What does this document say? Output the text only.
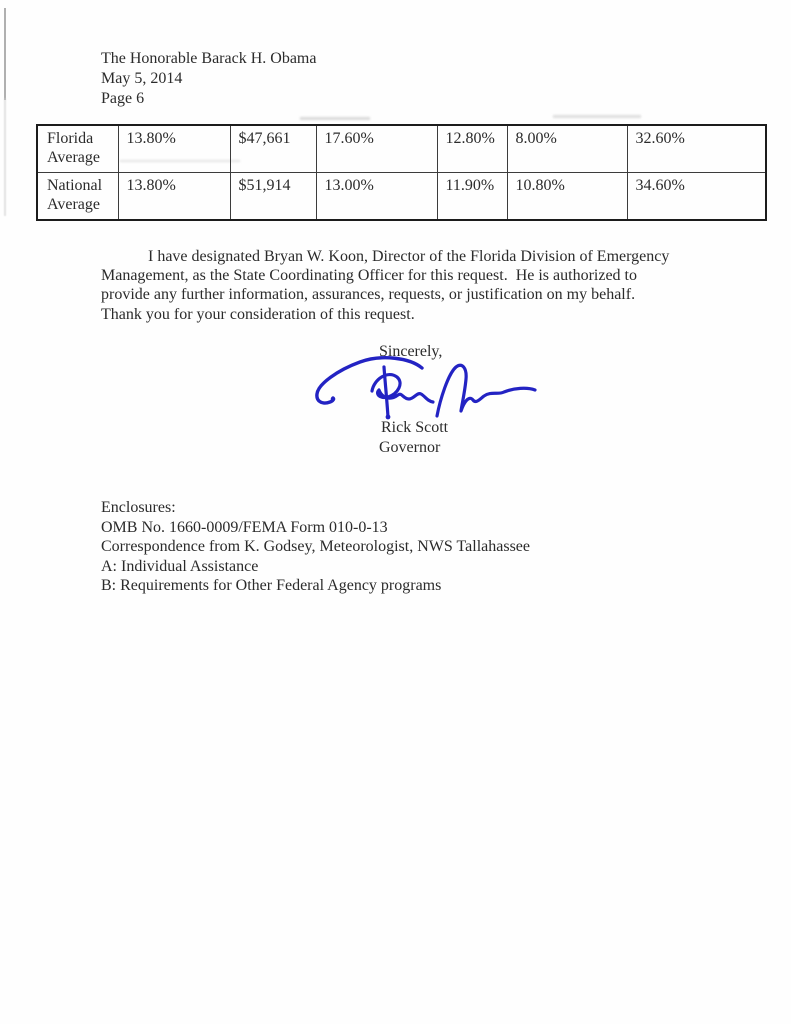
The Honorable Barack H. Obama
May 5, 2014
Page 6
Florida Average	13.80%	$47,661	17.60%	12.80%	8.00%	32.60%
National Average	13.80%	$51,914	13.00%	11.90%	10.80%	34.60%
I have designated Bryan W. Koon, Director of the Florida Division of Emergency
Management, as the State Coordinating Officer for this request.  He is authorized to
provide any further information, assurances, requests, or justification on my behalf.
Thank you for your consideration of this request.
Sincerely,
Rick Scott
Governor
Enclosures:
OMB No. 1660-0009/FEMA Form 010-0-13
Correspondence from K. Godsey, Meteorologist, NWS Tallahassee
A: Individual Assistance
B: Requirements for Other Federal Agency programs
